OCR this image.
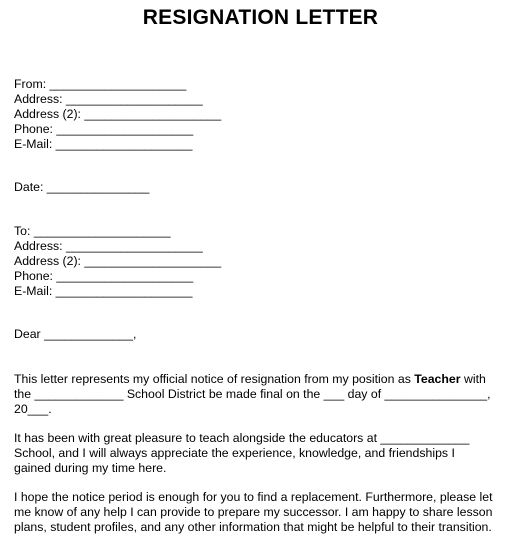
RESIGNATION LETTER
From: ____________________
Address: ____________________
Address (2): ____________________
Phone: ____________________
E-Mail: ____________________
Date: _______________
To: ____________________
Address: ____________________
Address (2): ____________________
Phone: ____________________
E-Mail: ____________________
Dear _____________,
This letter represents my official notice of resignation from my position as Teacher with
the _____________ School District be made final on the ___ day of _______________,
20___.
It has been with great pleasure to teach alongside the educators at _____________
School, and I will always appreciate the experience, knowledge, and friendships I
gained during my time here.
I hope the notice period is enough for you to find a replacement. Furthermore, please let
me know of any help I can provide to prepare my successor. I am happy to share lesson
plans, student profiles, and any other information that might be helpful to their transition.
